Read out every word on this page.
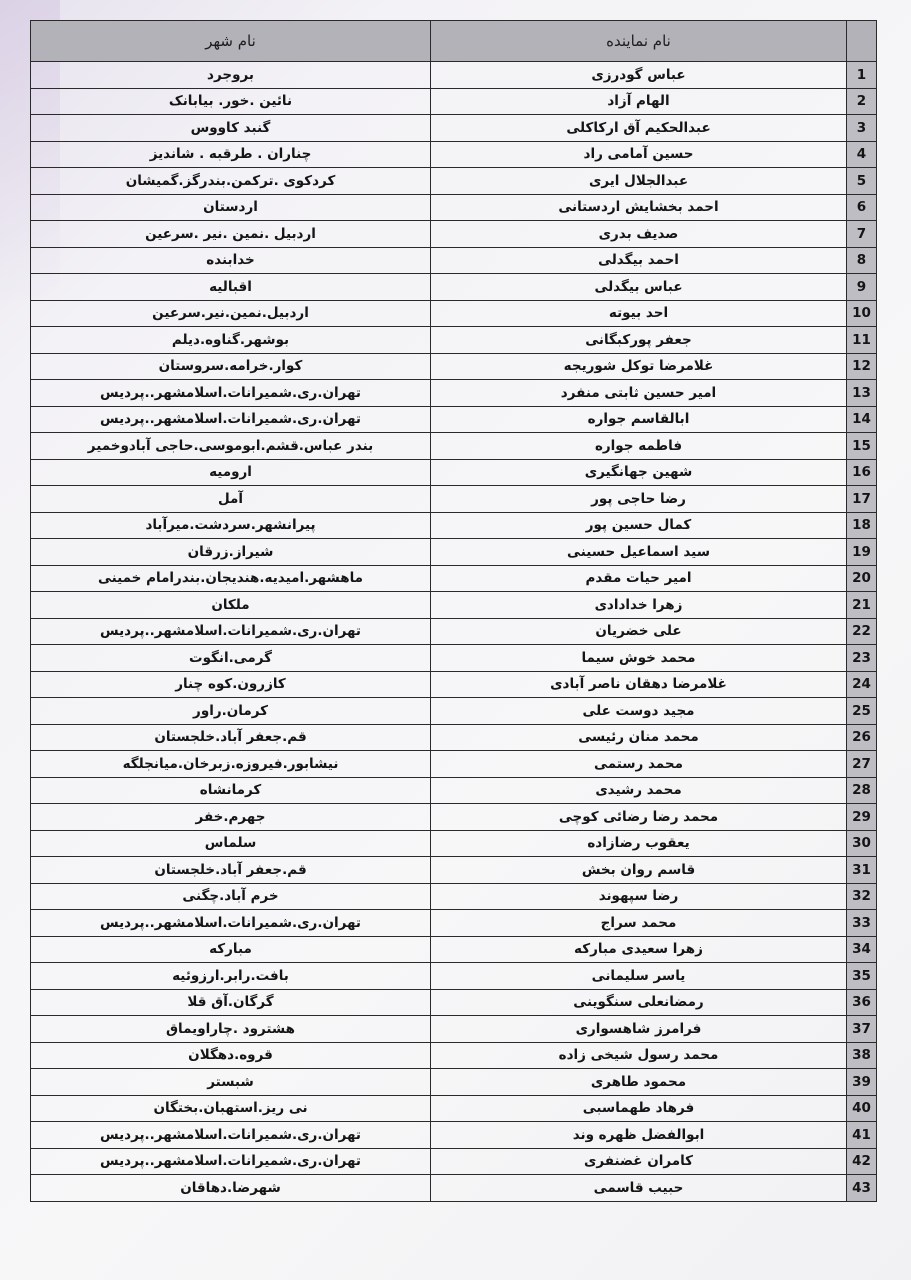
نام شهر	نام نماینده	
بروجرد	عباس گودرزی	1
نائین .خور. بیابانک	الهام آزاد	2
گنبد کاووس	عبدالحکیم آق ارکاکلی	3
چناران . طرقبه . شاندیز	حسین آمامی راد	4
کردکوی .ترکمن.بندرگز.گمیشان	عبدالجلال ایری	5
اردستان	احمد بخشایش اردستانی	6
اردبیل .نمین .نیر .سرعین	صدیف بدری	7
خدابنده	احمد بیگدلی	8
اقبالیه	عباس بیگدلی	9
اردبیل.نمین.نیر.سرعین	احد بیوته	10
بوشهر.گناوه.دیلم	جعفر پورکبگانی	11
کوار.خرامه.سروستان	غلامرضا توکل شوریجه	12
تهران.ری.شمیرانات.اسلامشهر..پردیس	امیر حسین ثابتی منفرد	13
تهران.ری.شمیرانات.اسلامشهر..پردیس	ابالقاسم جواره	14
بندر عباس.قشم.ابوموسی.حاجی آبادوخمیر	فاطمه جواره	15
ارومیه	شهین جهانگیری	16
آمل	رضا حاجی پور	17
پیرانشهر.سردشت.میرآباد	کمال حسین پور	18
شیراز.زرقان	سید اسماعیل حسینی	19
ماهشهر.امیدیه.هندیجان.بندرامام خمینی	امیر حیات مقدم	20
ملکان	زهرا خدادادی	21
تهران.ری.شمیرانات.اسلامشهر..پردیس	علی خضریان	22
گرمی.انگوت	محمد خوش سیما	23
کازرون.کوه چنار	غلامرضا دهقان ناصر آبادی	24
کرمان.راور	مجید دوست علی	25
قم.جعفر آباد.خلجستان	محمد منان رئیسی	26
نیشابور.فیروزه.زبرخان.میانجلگه	محمد رستمی	27
کرمانشاه	محمد رشیدی	28
جهرم.خفر	محمد رضا رضائی کوچی	29
سلماس	یعقوب رضازاده	30
قم.جعفر آباد.خلجستان	قاسم روان بخش	31
خرم آباد.چگنی	رضا سپهوند	32
تهران.ری.شمیرانات.اسلامشهر..پردیس	محمد سراج	33
مبارکه	زهرا سعیدی مبارکه	34
بافت.رابر.ارزوئیه	یاسر سلیمانی	35
گرگان.آق قلا	رمضانعلی سنگوینی	36
هشترود .چاراویماق	فرامرز شاهسواری	37
قروه.دهگلان	محمد رسول شیخی زاده	38
شبستر	محمود طاهری	39
نی ریز.استهبان.بختگان	فرهاد طهماسبی	40
تهران.ری.شمیرانات.اسلامشهر..پردیس	ابوالفضل ظهره وند	41
تهران.ری.شمیرانات.اسلامشهر..پردیس	کامران غضنفری	42
شهرضا.دهاقان	حبیب قاسمی	43
